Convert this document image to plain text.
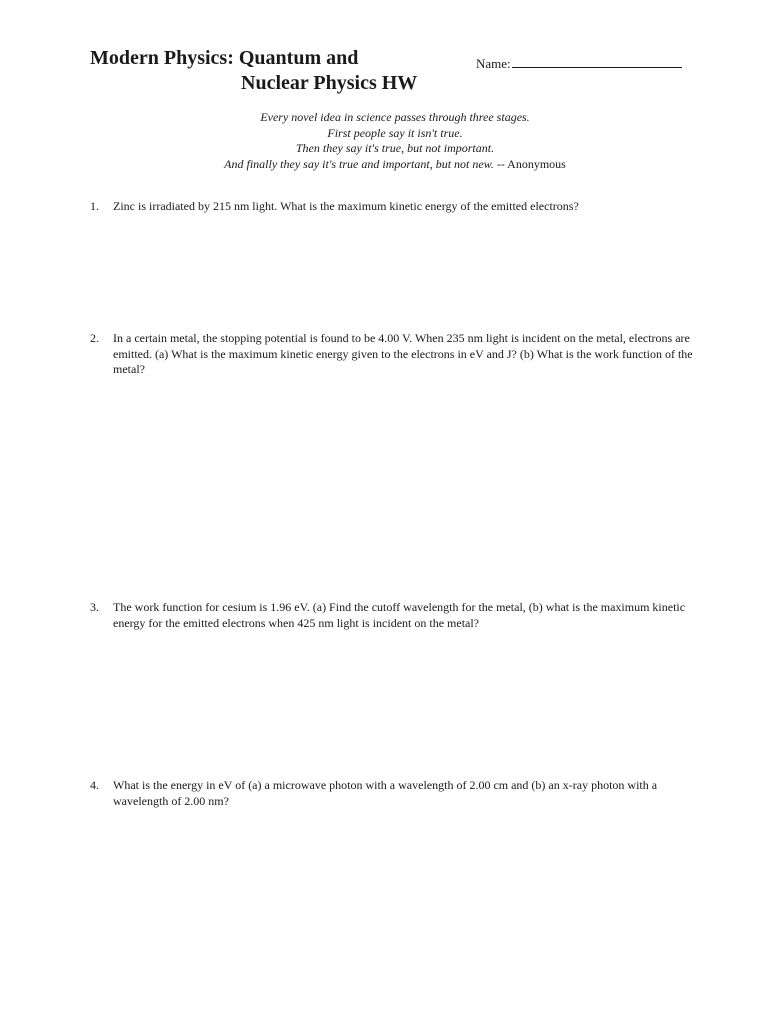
Modern Physics: Quantum and
Nuclear Physics HW
Name:
Every novel idea in science passes through three stages.
First people say it isn't true.
Then they say it's true, but not important.
And finally they say it's true and important, but not new. -- Anonymous
1.	Zinc is irradiated by 215 nm light. What is the maximum kinetic energy of the emitted electrons?
2.	In a certain metal, the stopping potential is found to be 4.00 V. When 235 nm light is incident on the metal, electrons are emitted. (a) What is the maximum kinetic energy given to the electrons in eV and J? (b) What is the work function of the metal?
3.	The work function for cesium is 1.96 eV. (a) Find the cutoff wavelength for the metal, (b) what is the maximum kinetic energy for the emitted electrons when 425 nm light is incident on the metal?
4.	What is the energy in eV of (a) a microwave photon with a wavelength of 2.00 cm and (b) an x-ray photon with a wavelength of 2.00 nm?
